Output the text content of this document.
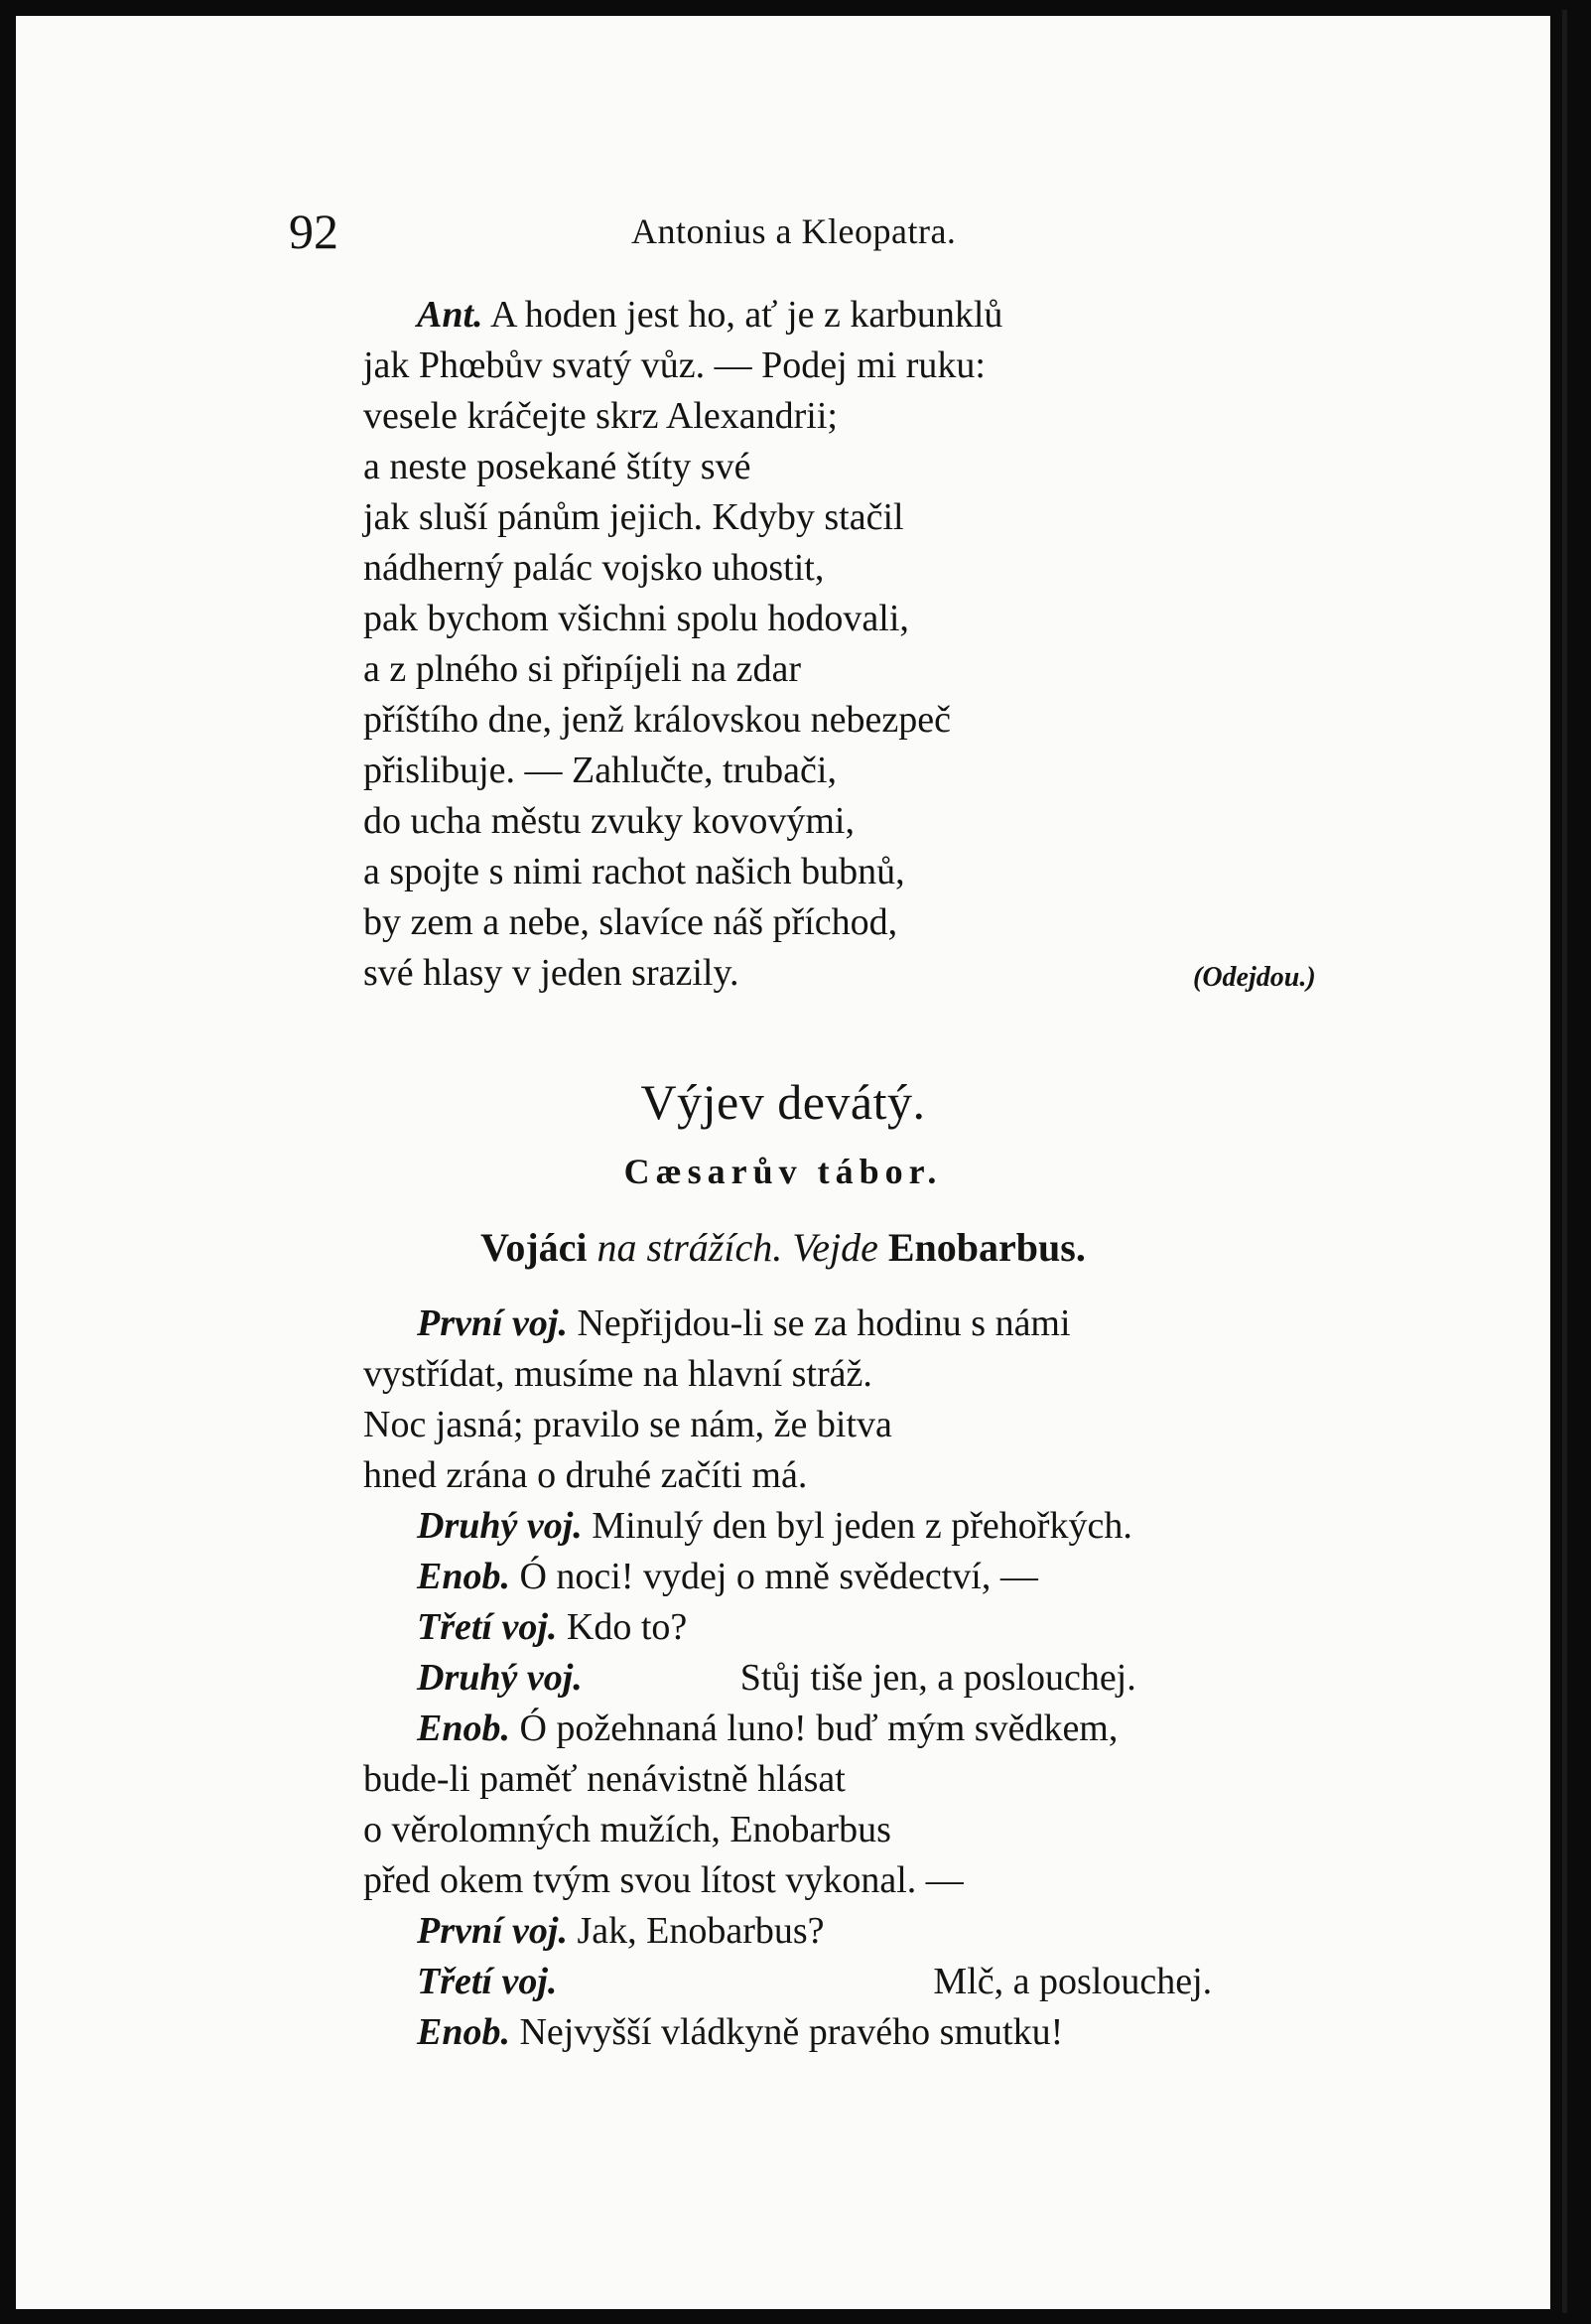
92	Antonius a Kleopatra.
Ant. A hoden jest ho, ať je z karbunklů
jak Phœbův svatý vůz. — Podej mi ruku:
vesele kráčejte skrz Alexandrii;
a neste posekané štíty své
jak sluší pánům jejich. Kdyby stačil
nádherný palác vojsko uhostit,
pak bychom všichni spolu hodovali,
a z plného si připíjeli na zdar
příštího dne, jenž královskou nebezpeč
přislibuje. — Zahlučte, trubači,
do ucha městu zvuky kovovými,
a spojte s nimi rachot našich bubnů,
by zem a nebe, slavíce náš příchod,
své hlasy v jeden srazily.	(Odejdou.)
Výjev devátý.
Cæsarův tábor.
Vojáci na strážích. Vejde Enobarbus.
První voj. Nepřijdou-li se za hodinu s námi
vystřídat, musíme na hlavní stráž.
Noc jasná; pravilo se nám, že bitva
hned zrána o druhé začíti má.
Druhý voj. Minulý den byl jeden z přehořkých.
Enob. Ó noci! vydej o mně svědectví, —
Třetí voj. Kdo to?
Druhý voj.	Stůj tiše jen, a poslouchej.
Enob. Ó požehnaná luno! buď mým svědkem,
bude-li paměť nenávistně hlásat
o věrolomných mužích, Enobarbus
před okem tvým svou lítost vykonal. —
První voj. Jak, Enobarbus?
Třetí voj.	Mlč, a poslouchej.
Enob. Nejvyšší vládkyně pravého smutku!
